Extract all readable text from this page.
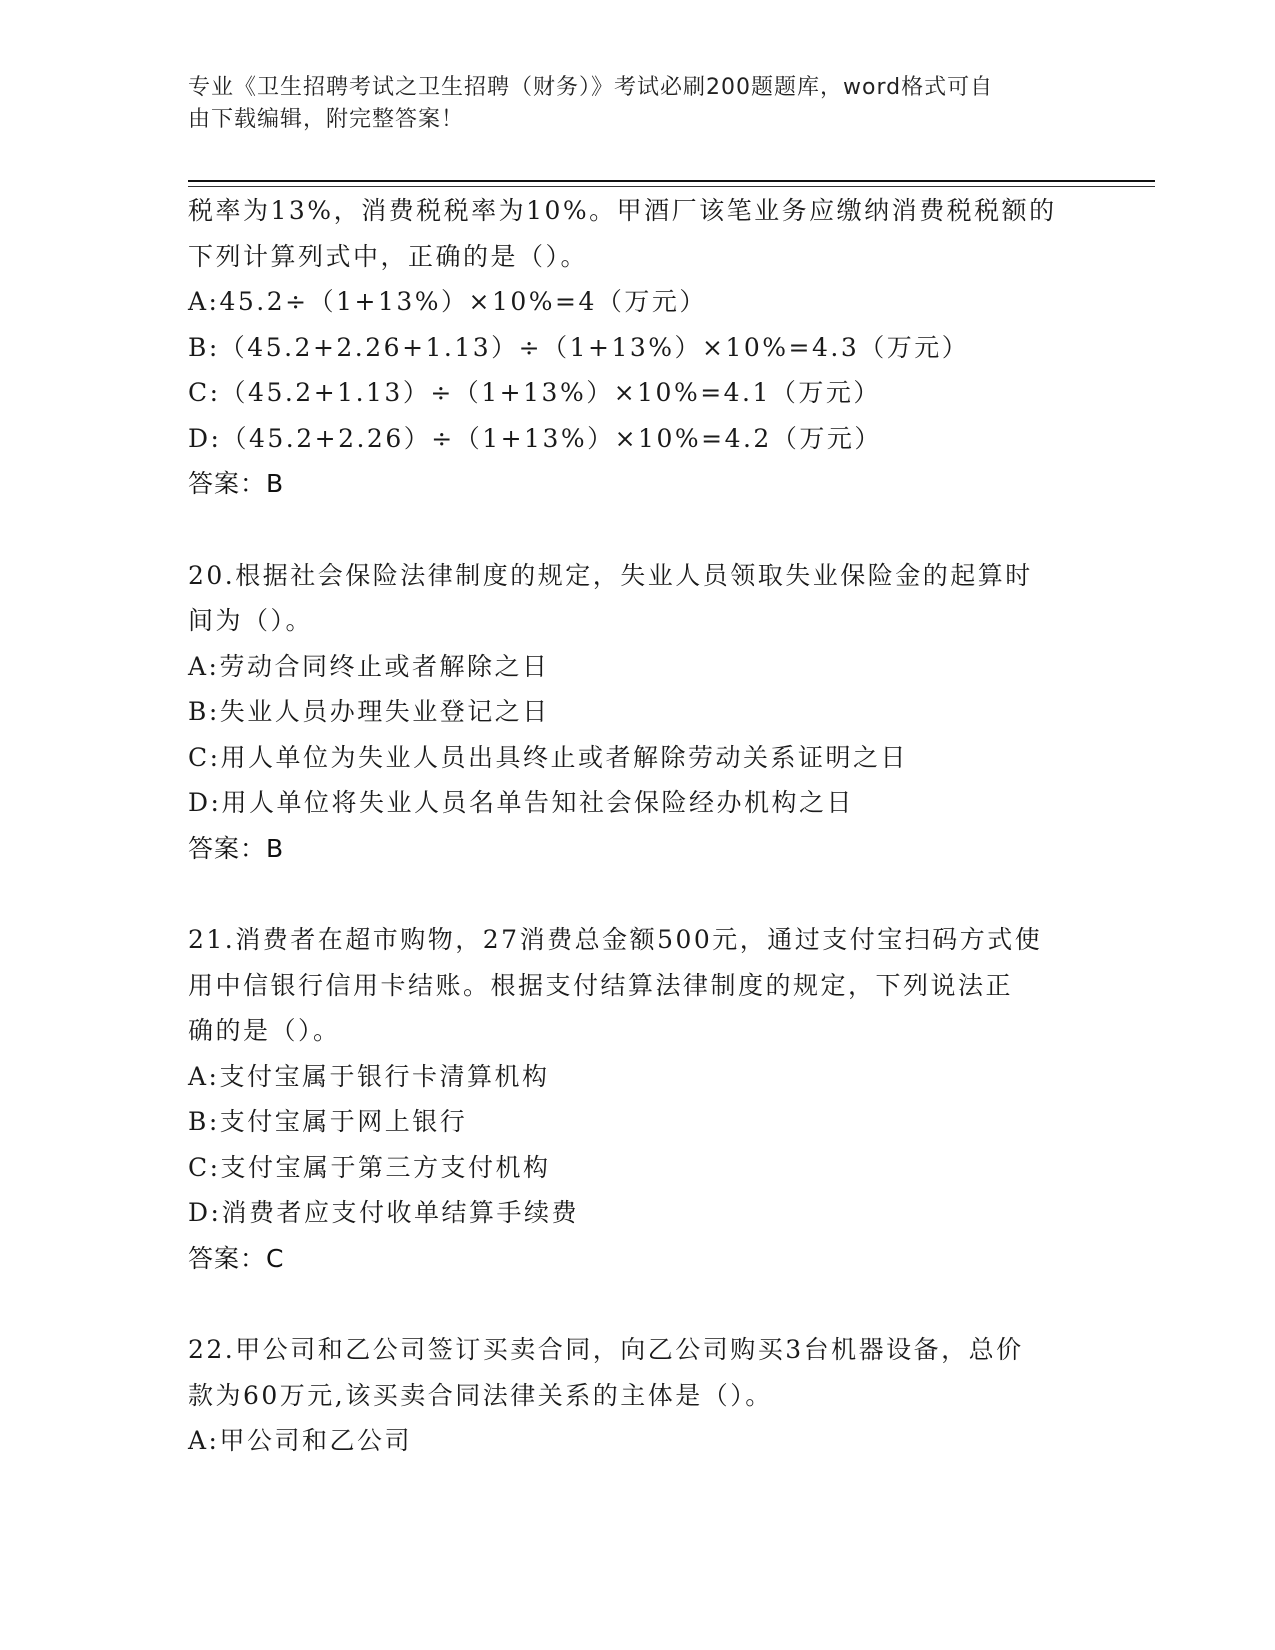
专业《卫生招聘考试之卫生招聘（财务）》考试必刷200题题库，word格式可自
由下载编辑，附完整答案！
税率为13%，消费税税率为10%。甲酒厂该笔业务应缴纳消费税税额的
下列计算列式中，正确的是（）。
A:45.2÷（1+13%）×10%=4（万元）
B:（45.2+2.26+1.13）÷（1+13%）×10%=4.3（万元）
C:（45.2+1.13）÷（1+13%）×10%=4.1（万元）
D:（45.2+2.26）÷（1+13%）×10%=4.2（万元）
答案：B
20.根据社会保险法律制度的规定，失业人员领取失业保险金的起算时
间为（）。
A:劳动合同终止或者解除之日
B:失业人员办理失业登记之日
C:用人单位为失业人员出具终止或者解除劳动关系证明之日
D:用人单位将失业人员名单告知社会保险经办机构之日
答案：B
21.消费者在超市购物，27消费总金额500元，通过支付宝扫码方式使
用中信银行信用卡结账。根据支付结算法律制度的规定，下列说法正
确的是（）。
A:支付宝属于银行卡清算机构
B:支付宝属于网上银行
C:支付宝属于第三方支付机构
D:消费者应支付收单结算手续费
答案：C
22.甲公司和乙公司签订买卖合同，向乙公司购买3台机器设备，总价
款为60万元,该买卖合同法律关系的主体是（）。
A:甲公司和乙公司
